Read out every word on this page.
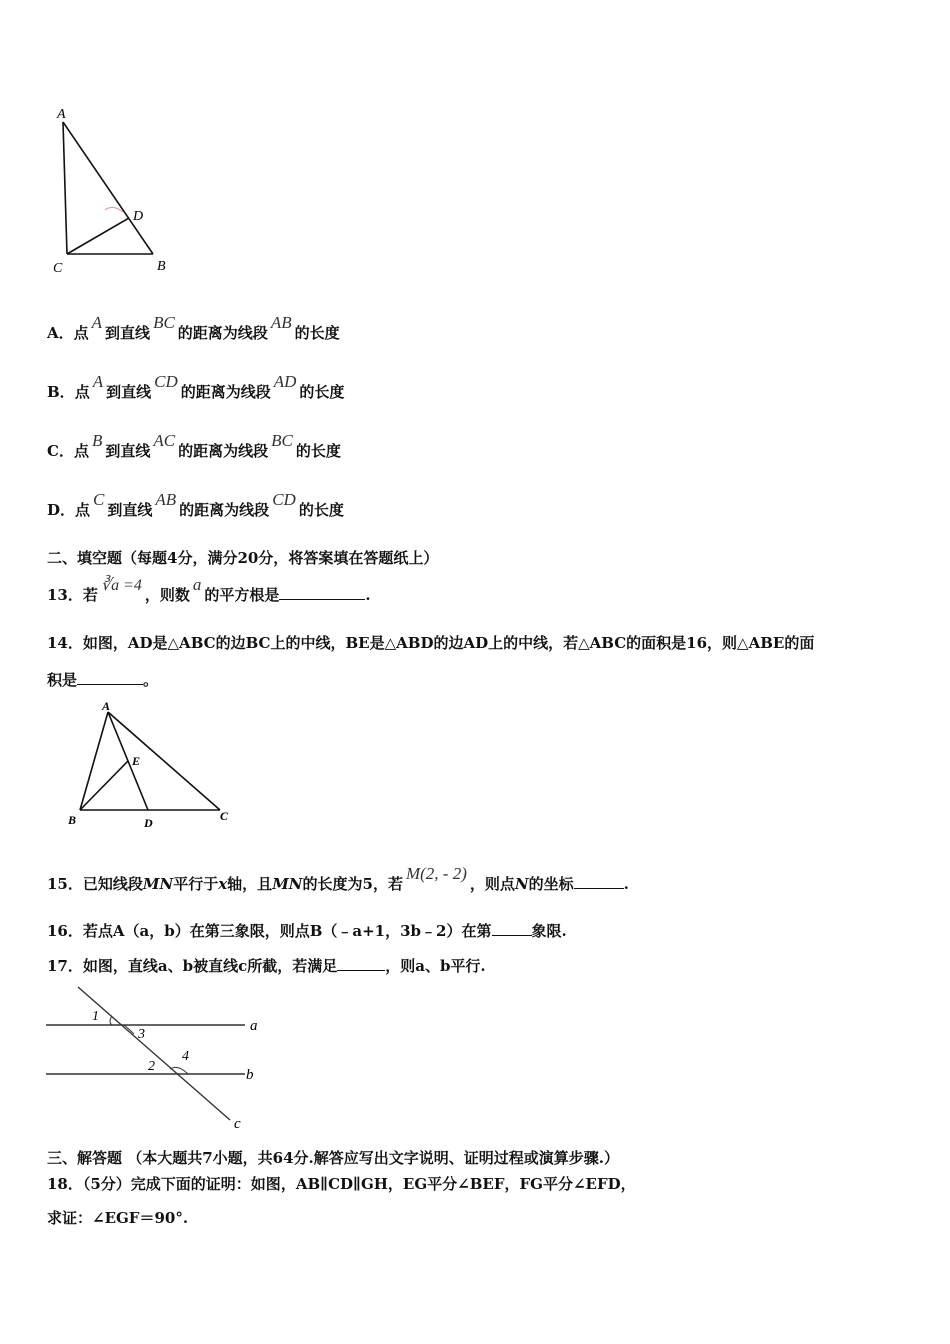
A
D
C	B
A．点A到直线BC的距离为线段AB的长度
B．点A到直线CD的距离为线段AD的长度
C．点B到直线AC的距离为线段BC的长度
D．点C到直线AB的距离为线段CD的长度
二、填空题（每题4分，满分20分，将答案填在答题纸上）
13．若∛a =4，则数a的平方根是	.
14．如图，AD是△ABC的边BC上的中线，BE是△ABD的边AD上的中线，若△ABC的面积是16，则△ABE的面
积是	。
A
E
B	D	C
15．已知线段MN平行于x轴，且MN的长度为5，若M(2, - 2)，则点N的坐标	.
16．若点A（a，b）在第三象限，则点B（﹣a+1，3b﹣2）在第	象限.
17．如图，直线a、b被直线c所截，若满足	，则a、b平行.
1
3
2
4
a
b
c
三、解答题 （本大题共7小题，共64分.解答应写出文字说明、证明过程或演算步骤.）
18．（5分）完成下面的证明：如图，AB∥CD∥GH，EG平分∠BEF，FG平分∠EFD，
求证：∠EGF＝90°.
